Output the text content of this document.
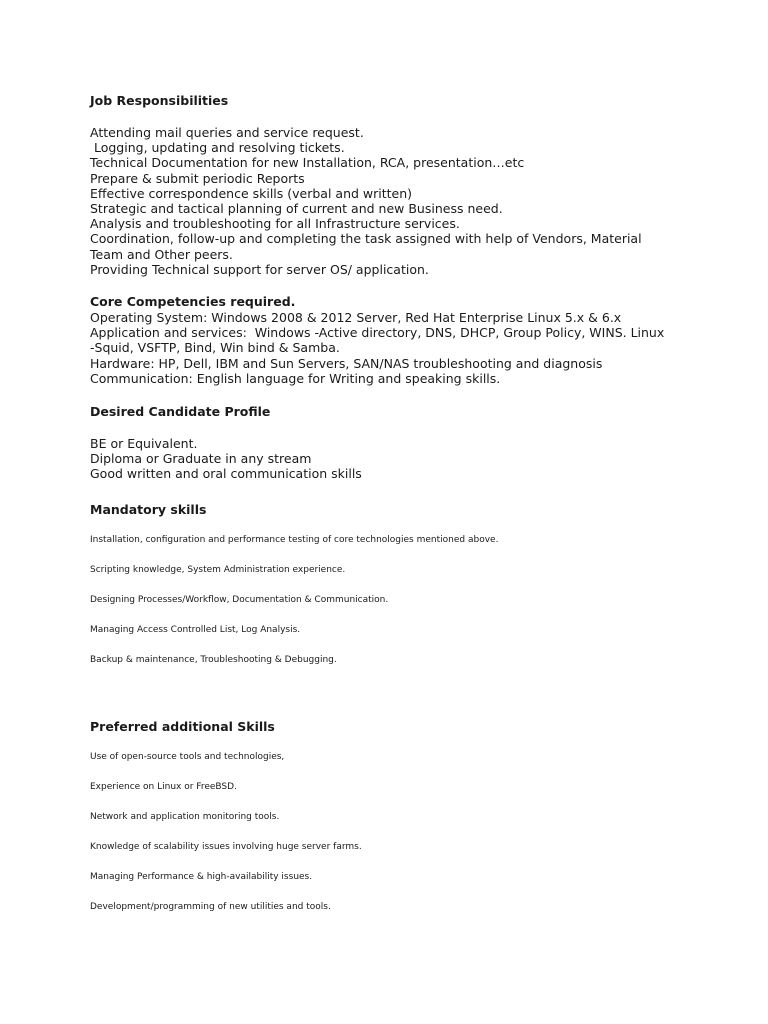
Job Responsibilities
Attending mail queries and service request.
Logging, updating and resolving tickets.
Technical Documentation for new Installation, RCA, presentation…etc
Prepare & submit periodic Reports
Effective correspondence skills (verbal and written)
Strategic and tactical planning of current and new Business need.
Analysis and troubleshooting for all Infrastructure services.
Coordination, follow-up and completing the task assigned with help of Vendors, Material
Team and Other peers.
Providing Technical support for server OS/ application.
Core Competencies required.
Operating System: Windows 2008 & 2012 Server, Red Hat Enterprise Linux 5.x & 6.x
Application and services:  Windows -Active directory, DNS, DHCP, Group Policy, WINS. Linux
-Squid, VSFTP, Bind, Win bind & Samba.
Hardware: HP, Dell, IBM and Sun Servers, SAN/NAS troubleshooting and diagnosis
Communication: English language for Writing and speaking skills.
Desired Candidate Profile
BE or Equivalent.
Diploma or Graduate in any stream
Good written and oral communication skills
Mandatory skills
Installation, configuration and performance testing of core technologies mentioned above.
Scripting knowledge, System Administration experience.
Designing Processes/Workflow, Documentation & Communication.
Managing Access Controlled List, Log Analysis.
Backup & maintenance, Troubleshooting & Debugging.
Preferred additional Skills
Use of open-source tools and technologies,
Experience on Linux or FreeBSD.
Network and application monitoring tools.
Knowledge of scalability issues involving huge server farms.
Managing Performance & high-availability issues.
Development/programming of new utilities and tools.
